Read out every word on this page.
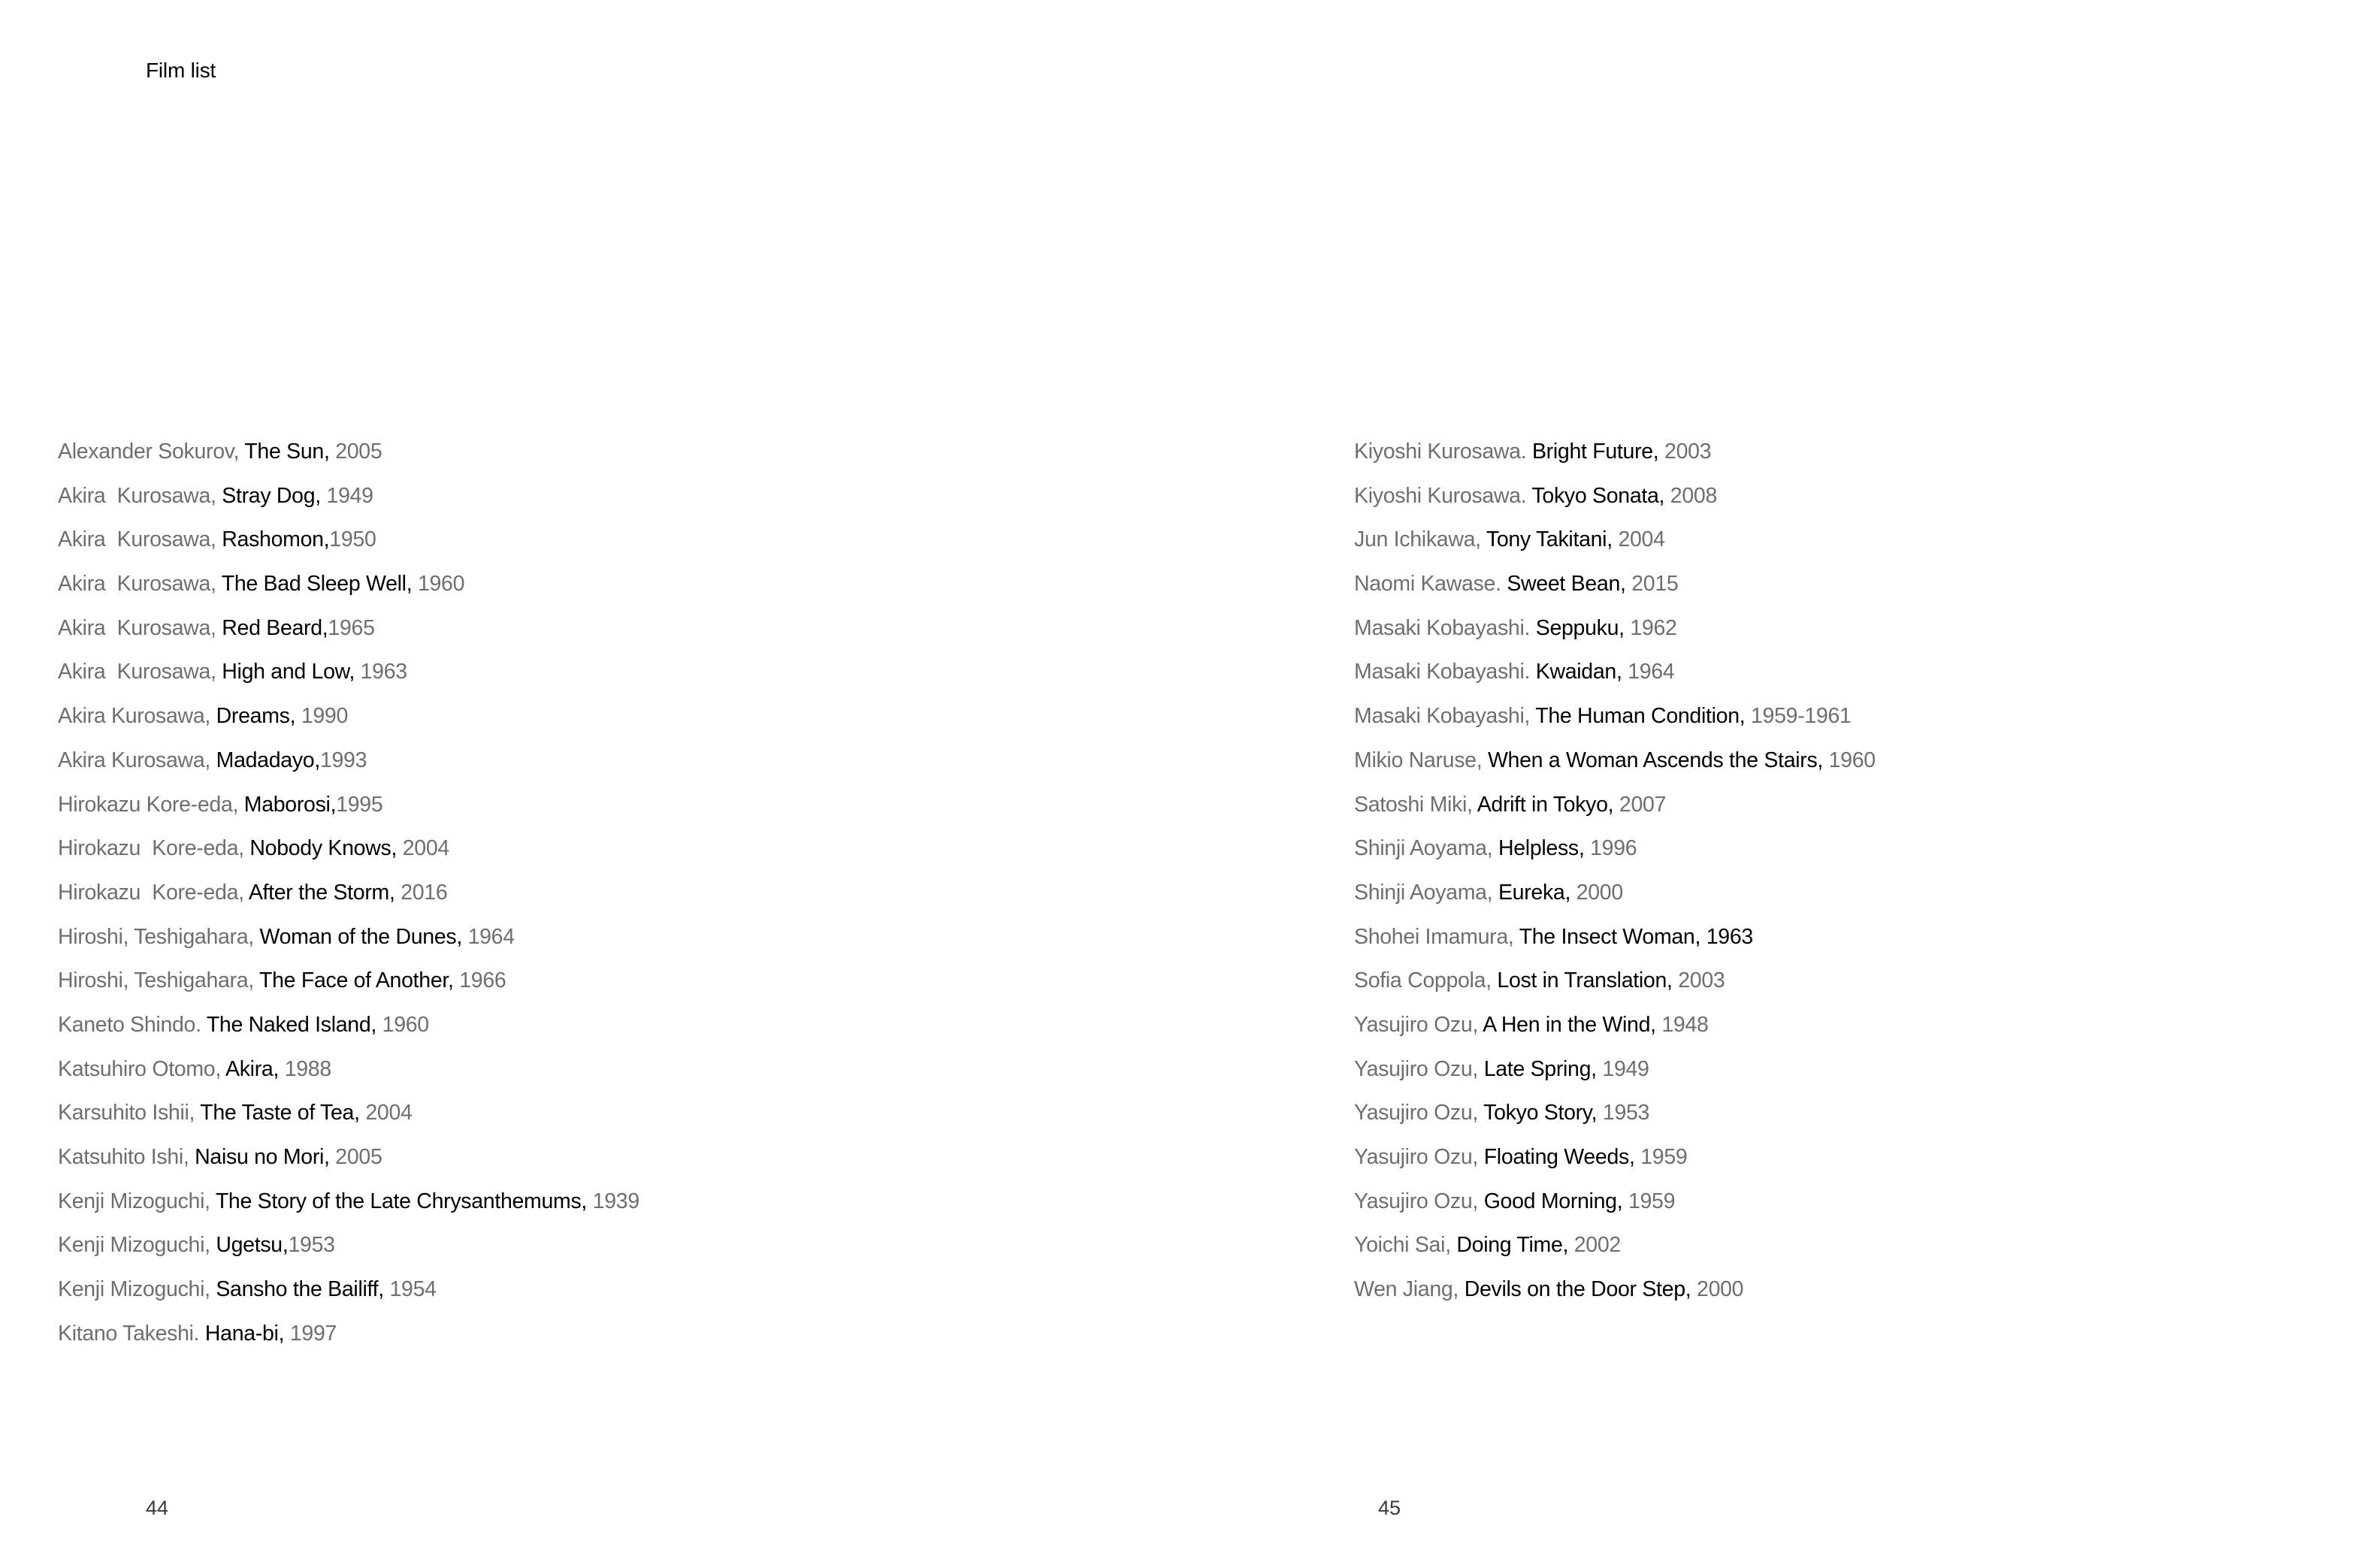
Film list
Alexander Sokurov, The Sun, 2005
Akira  Kurosawa, Stray Dog, 1949
Akira  Kurosawa, Rashomon,1950
Akira  Kurosawa, The Bad Sleep Well, 1960
Akira  Kurosawa, Red Beard,1965
Akira  Kurosawa, High and Low, 1963
Akira Kurosawa, Dreams, 1990
Akira Kurosawa, Madadayo,1993
Hirokazu Kore-eda, Maborosi,1995
Hirokazu  Kore-eda, Nobody Knows, 2004
Hirokazu  Kore-eda, After the Storm, 2016
Hiroshi, Teshigahara, Woman of the Dunes, 1964
Hiroshi, Teshigahara, The Face of Another, 1966
Kaneto Shindo. The Naked Island, 1960
Katsuhiro Otomo, Akira, 1988
Karsuhito Ishii, The Taste of Tea, 2004
Katsuhito Ishi, Naisu no Mori, 2005
Kenji Mizoguchi, The Story of the Late Chrysanthemums, 1939
Kenji Mizoguchi, Ugetsu,1953
Kenji Mizoguchi, Sansho the Bailiff, 1954
Kitano Takeshi. Hana-bi, 1997
44
Kiyoshi Kurosawa. Bright Future, 2003
Kiyoshi Kurosawa. Tokyo Sonata, 2008
Jun Ichikawa, Tony Takitani, 2004
Naomi Kawase. Sweet Bean, 2015
Masaki Kobayashi. Seppuku, 1962
Masaki Kobayashi. Kwaidan, 1964
Masaki Kobayashi, The Human Condition, 1959-1961
Mikio Naruse, When a Woman Ascends the Stairs, 1960
Satoshi Miki, Adrift in Tokyo, 2007
Shinji Aoyama, Helpless, 1996
Shinji Aoyama, Eureka, 2000
Shohei Imamura, The Insect Woman, 1963
Sofia Coppola, Lost in Translation, 2003
Yasujiro Ozu, A Hen in the Wind, 1948
Yasujiro Ozu, Late Spring, 1949
Yasujiro Ozu, Tokyo Story, 1953
Yasujiro Ozu, Floating Weeds, 1959
Yasujiro Ozu, Good Morning, 1959
Yoichi Sai, Doing Time, 2002
Wen Jiang, Devils on the Door Step, 2000
45
